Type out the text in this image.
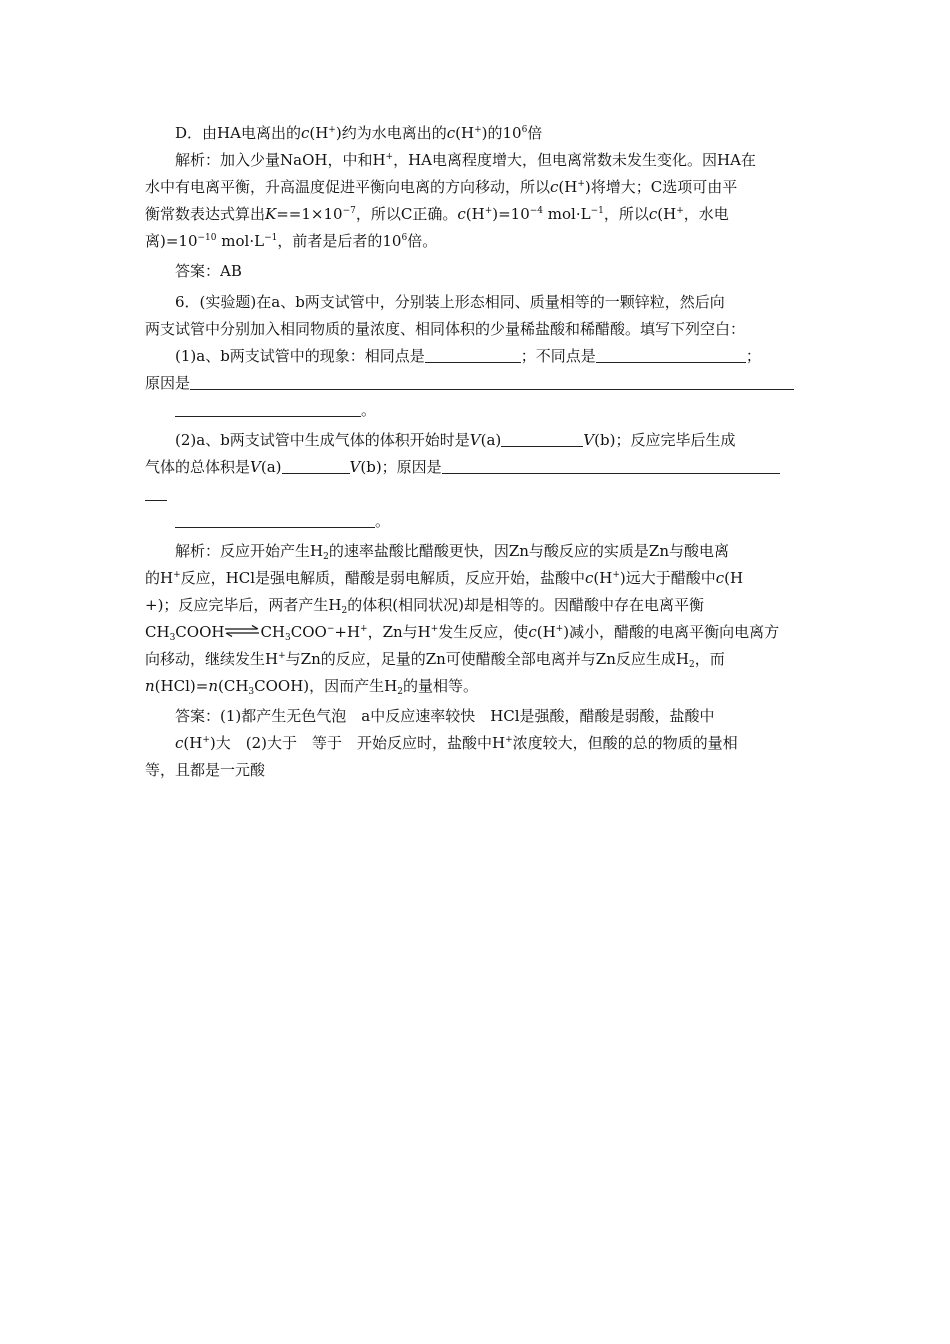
D．由HA电离出的c(H+)约为水电离出的c(H+)的$10^6$倍
解析：加入少量NaOH，中和H+，HA电离程度增大，但电离常数未发生变化。因HA在
水中有电离平衡，升高温度促进平衡向电离的方向移动，所以c(H+)将增大；C选项可由平
衡常数表达式算出$K==1\times 10^{-7}$，所以C正确。$c(H^+)=10^{-4}$ $mol\cdot L^{-1}$，所以c(H+，水电
离)$=10^{-10}$ $mol\cdot L^{-1}$，前者是后者的$10^6$倍。
答案：AB
6．(实验题)在a、b两支试管中，分别装上形态相同、质量相等的一颗锌粒，然后向
两支试管中分别加入相同物质的量浓度、相同体积的少量稀盐酸和稀醋酸。填写下列空白：
(1)a、b两支试管中的现象：相同点是	；不同点是	；
原因是
。
(2)a、b两支试管中生成气体的体积开始时是V(a)	V(b)；反应完毕后生成
气体的总体积是V(a)	V(b)；原因是
。
解析：反应开始产生$H_2$的速率盐酸比醋酸更快，因Zn与酸反应的实质是Zn与酸电离
的H+反应，HCl是强电解质，醋酸是弱电解质，反应开始，盐酸中c(H+)远大于醋酸中c(H
+)；反应完毕后，两者产生$H_2$的体积(相同状况)却是相等的。因醋酸中存在电离平衡
$CH_3COOH\rightleftharpoons CH_3COO^-+H^+$，Zn与H+发生反应，使c(H+)减小，醋酸的电离平衡向电离方
向移动，继续发生H+与Zn的反应，足量的Zn可使醋酸全部电离并与Zn反应生成$H_2$，而
$n(HCl)=n(CH_3COOH)$，因而产生$H_2$的量相等。
答案：(1)都产生无色气泡　a中反应速率较快　HCl是强酸，醋酸是弱酸，盐酸中
c(H+)大　(2)大于　等于　开始反应时，盐酸中H+浓度较大，但酸的总的物质的量相
等，且都是一元酸
